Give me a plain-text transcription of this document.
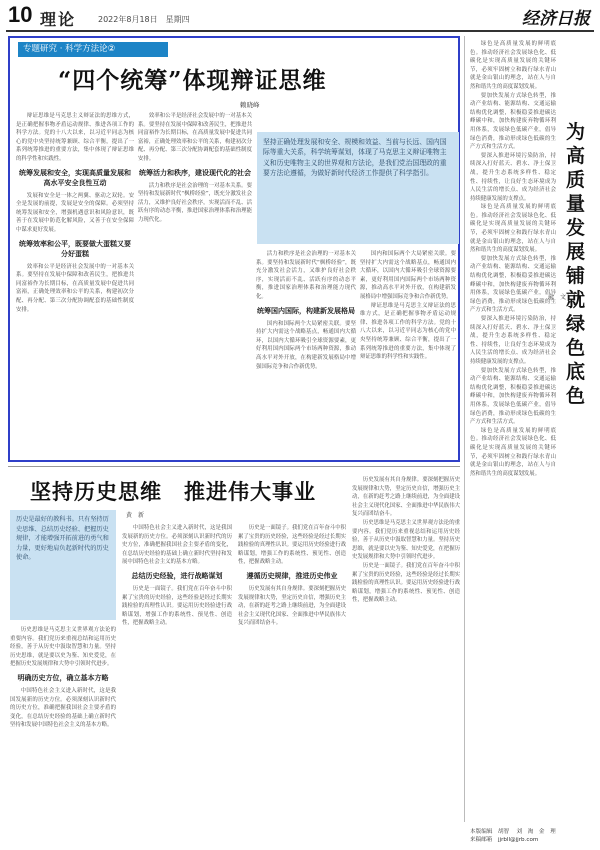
10 理论	2022年8月18日　星期四	经济日报
专题研究 · 科学方法论②
“四个统筹”体现辩证思维
赖晓峰

辩证思维是马克思主义辩证法的思维方式，是正确把握事物矛盾运动规律、推进各项工作的科学方法。党的十八大以来，以习近平同志为核心的党中央坚持统筹兼顾、综合平衡，提出了一系列统筹推进的重要方法，集中体现了辩证思维的科学性和实践性。

统筹发展和安全，实现高质量发展和高水平安全良性互动

发展和安全是一体之两翼、驱动之双轮。安全是发展的前提，发展是安全的保障。必须坚持统筹发展和安全，增强机遇意识和风险意识，既善于在发展中防范化解风险，又善于在安全保障中谋求更好发展。

统筹效率和公平，既要做大蛋糕又要分好蛋糕

效率和公平是经济社会发展中的一对基本关系。要坚持在发展中保障和改善民生，把推进共同富裕作为长期目标，在高质量发展中促进共同富裕，正确处理效率和公平的关系，构建初次分配、再分配、第三次分配协调配套的基础性制度安排。

效率和公平是经济社会发展中的一对基本关系。要坚持在发展中保障和改善民生，把推进共同富裕作为长期目标，在高质量发展中促进共同富裕，正确处理效率和公平的关系，构建初次分配、再分配、第三次分配协调配套的基础性制度安排。

统筹活力和秩序，建设现代化的社会

活力和秩序是社会治理的一对基本关系。要坚持和发展新时代“枫桥经验”，既充分激发社会活力，又维护良好社会秩序，实现活而不乱、活跃有序的动态平衡，推进国家治理体系和治理能力现代化。

坚持正确处理发展和安全、规模和效益、当前与长远、国内国际等重大关系，科学统筹谋划，体现了马克思主义辩证唯物主义和历史唯物主义的世界观和方法论，是我们党治国理政的重要方法论遵循，为做好新时代经济工作提供了科学指引。

活力和秩序是社会治理的一对基本关系。要坚持和发展新时代“枫桥经验”，既充分激发社会活力，又维护良好社会秩序，实现活而不乱、活跃有序的动态平衡，推进国家治理体系和治理能力现代化。

统筹国内国际，构建新发展格局

国内和国际两个大局紧密关联。要坚持扩大内需这个战略基点，畅通国内大循环，以国内大循环吸引全球资源要素，更好利用国内国际两个市场两种资源，推动高水平对外开放，在构建新发展格局中增强国际竞争和合作新优势。

国内和国际两个大局紧密关联。要坚持扩大内需这个战略基点，畅通国内大循环，以国内大循环吸引全球资源要素，更好利用国内国际两个市场两种资源，推动高水平对外开放，在构建新发展格局中增强国际竞争和合作新优势。

辩证思维是马克思主义辩证法的思维方式，是正确把握事物矛盾运动规律、推进各项工作的科学方法。党的十八大以来，以习近平同志为核心的党中央坚持统筹兼顾、综合平衡，提出了一系列统筹推进的重要方法，集中体现了辩证思维的科学性和实践性。

绿色是高质量发展的鲜明底色。推动经济社会发展绿色化、低碳化是实现高质量发展的关键环节，必须牢固树立和践行绿水青山就是金山银山的理念，站在人与自然和谐共生的高度谋划发展。

要加快发展方式绿色转型，推动产业结构、能源结构、交通运输结构优化调整，积极稳妥推进碳达峰碳中和，加快构建废弃物循环利用体系，发展绿色低碳产业，倡导绿色消费，推动形成绿色低碳的生产方式和生活方式。

要深入推进环境污染防治，持续深入打好蓝天、碧水、净土保卫战，提升生态系统多样性、稳定性、持续性，让良好生态环境成为人民生活的增长点、成为经济社会持续健康发展的支撑点。

绿色是高质量发展的鲜明底色。推动经济社会发展绿色化、低碳化是实现高质量发展的关键环节，必须牢固树立和践行绿水青山就是金山银山的理念，站在人与自然和谐共生的高度谋划发展。

要加快发展方式绿色转型，推动产业结构、能源结构、交通运输结构优化调整，积极稳妥推进碳达峰碳中和，加快构建废弃物循环利用体系，发展绿色低碳产业，倡导绿色消费，推动形成绿色低碳的生产方式和生活方式。

要深入推进环境污染防治，持续深入打好蓝天、碧水、净土保卫战，提升生态系统多样性、稳定性、持续性，让良好生态环境成为人民生活的增长点、成为经济社会持续健康发展的支撑点。

要加快发展方式绿色转型，推动产业结构、能源结构、交通运输结构优化调整，积极稳妥推进碳达峰碳中和，加快构建废弃物循环利用体系，发展绿色低碳产业，倡导绿色消费，推动形成绿色低碳的生产方式和生活方式。

绿色是高质量发展的鲜明底色。推动经济社会发展绿色化、低碳化是实现高质量发展的关键环节，必须牢固树立和践行绿水青山就是金山银山的理念，站在人与自然和谐共生的高度谋划发展。

为高质量发展铺就绿色底色
俞　文
坚持历史思维　推进伟大事业
黄　新
历史是最好的教科书。只有坚持历史思维、总结历史经验、把握历史规律，才能增强开拓前进的勇气和力量，更好地肩负起新时代的历史使命。

历史思维是马克思主义世界观方法论的重要内容。我们党历来重视总结和运用历史经验，善于从历史中汲取智慧和力量。坚持历史思维，就是要以史为鉴、知史爱党，在把握历史发展规律和大势中引领时代进步。

明确历史方位，确立基本方略

中国特色社会主义进入新时代，这是我国发展新的历史方位。必须深刻认识新时代的历史方位，准确把握我国社会主要矛盾的变化，在总结历史经验的基础上确立新时代坚持和发展中国特色社会主义的基本方略。

中国特色社会主义进入新时代，这是我国发展新的历史方位。必须深刻认识新时代的历史方位，准确把握我国社会主要矛盾的变化，在总结历史经验的基础上确立新时代坚持和发展中国特色社会主义的基本方略。

总结历史经验，进行战略谋划

历史是一面镜子。我们党在百年奋斗中积累了宝贵的历史经验，这些经验是经过长期实践检验的真理性认识。要运用历史经验进行战略谋划，增强工作的系统性、预见性、创造性，把握战略主动。

历史是一面镜子。我们党在百年奋斗中积累了宝贵的历史经验，这些经验是经过长期实践检验的真理性认识。要运用历史经验进行战略谋划，增强工作的系统性、预见性、创造性，把握战略主动。

遵循历史规律，推进历史伟业

历史发展有其自身规律。要深刻把握历史发展规律和大势，坚定历史自信，增强历史主动，在新的赶考之路上继续前进，为全面建设社会主义现代化国家、全面推进中华民族伟大复兴而团结奋斗。

历史发展有其自身规律。要深刻把握历史发展规律和大势，坚定历史自信，增强历史主动，在新的赶考之路上继续前进，为全面建设社会主义现代化国家、全面推进中华民族伟大复兴而团结奋斗。

历史思维是马克思主义世界观方法论的重要内容。我们党历来重视总结和运用历史经验，善于从历史中汲取智慧和力量。坚持历史思维，就是要以史为鉴、知史爱党，在把握历史发展规律和大势中引领时代进步。

历史是一面镜子。我们党在百年奋斗中积累了宝贵的历史经验，这些经验是经过长期实践检验的真理性认识。要运用历史经验进行战略谋划，增强工作的系统性、预见性、创造性，把握战略主动。

本版编辑　胡智　 刘　淘　金　理
来稿邮箱　jjrbll@jjrb.com
